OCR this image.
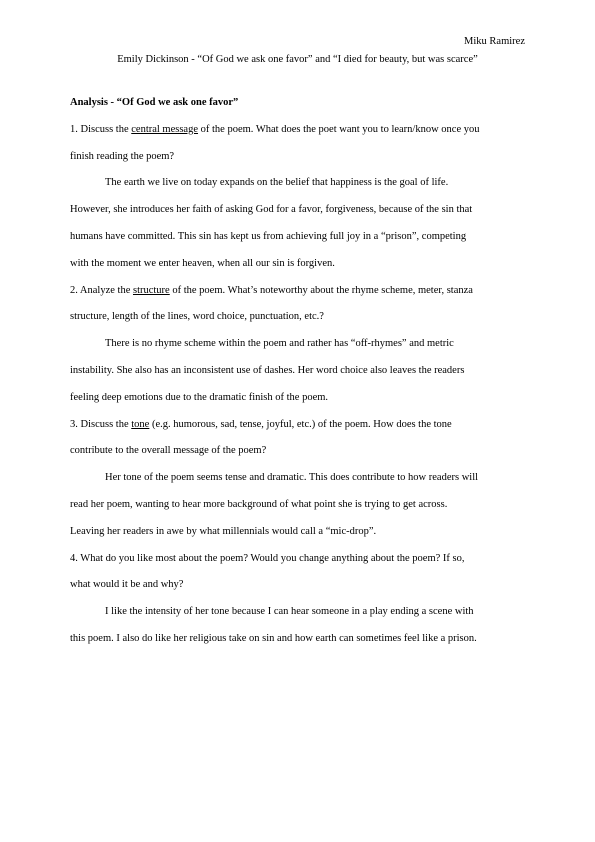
Miku Ramirez
Emily Dickinson - “Of God we ask one favor” and “I died for beauty, but was scarce”
Analysis - “Of God we ask one favor”
1. Discuss the central message of the poem. What does the poet want you to learn/know once you
finish reading the poem?
The earth we live on today expands on the belief that happiness is the goal of life.
However, she introduces her faith of asking God for a favor, forgiveness, because of the sin that
humans have committed. This sin has kept us from achieving full joy in a “prison”, competing
with the moment we enter heaven, when all our sin is forgiven.
2. Analyze the structure of the poem. What’s noteworthy about the rhyme scheme, meter, stanza
structure, length of the lines, word choice, punctuation, etc.?
There is no rhyme scheme within the poem and rather has “off-rhymes” and metric
instability. She also has an inconsistent use of dashes. Her word choice also leaves the readers
feeling deep emotions due to the dramatic finish of the poem.
3. Discuss the tone (e.g. humorous, sad, tense, joyful, etc.) of the poem. How does the tone
contribute to the overall message of the poem?
Her tone of the poem seems tense and dramatic. This does contribute to how readers will
read her poem, wanting to hear more background of what point she is trying to get across.
Leaving her readers in awe by what millennials would call a “mic-drop”.
4. What do you like most about the poem? Would you change anything about the poem? If so,
what would it be and why?
I like the intensity of her tone because I can hear someone in a play ending a scene with
this poem. I also do like her religious take on sin and how earth can sometimes feel like a prison.
